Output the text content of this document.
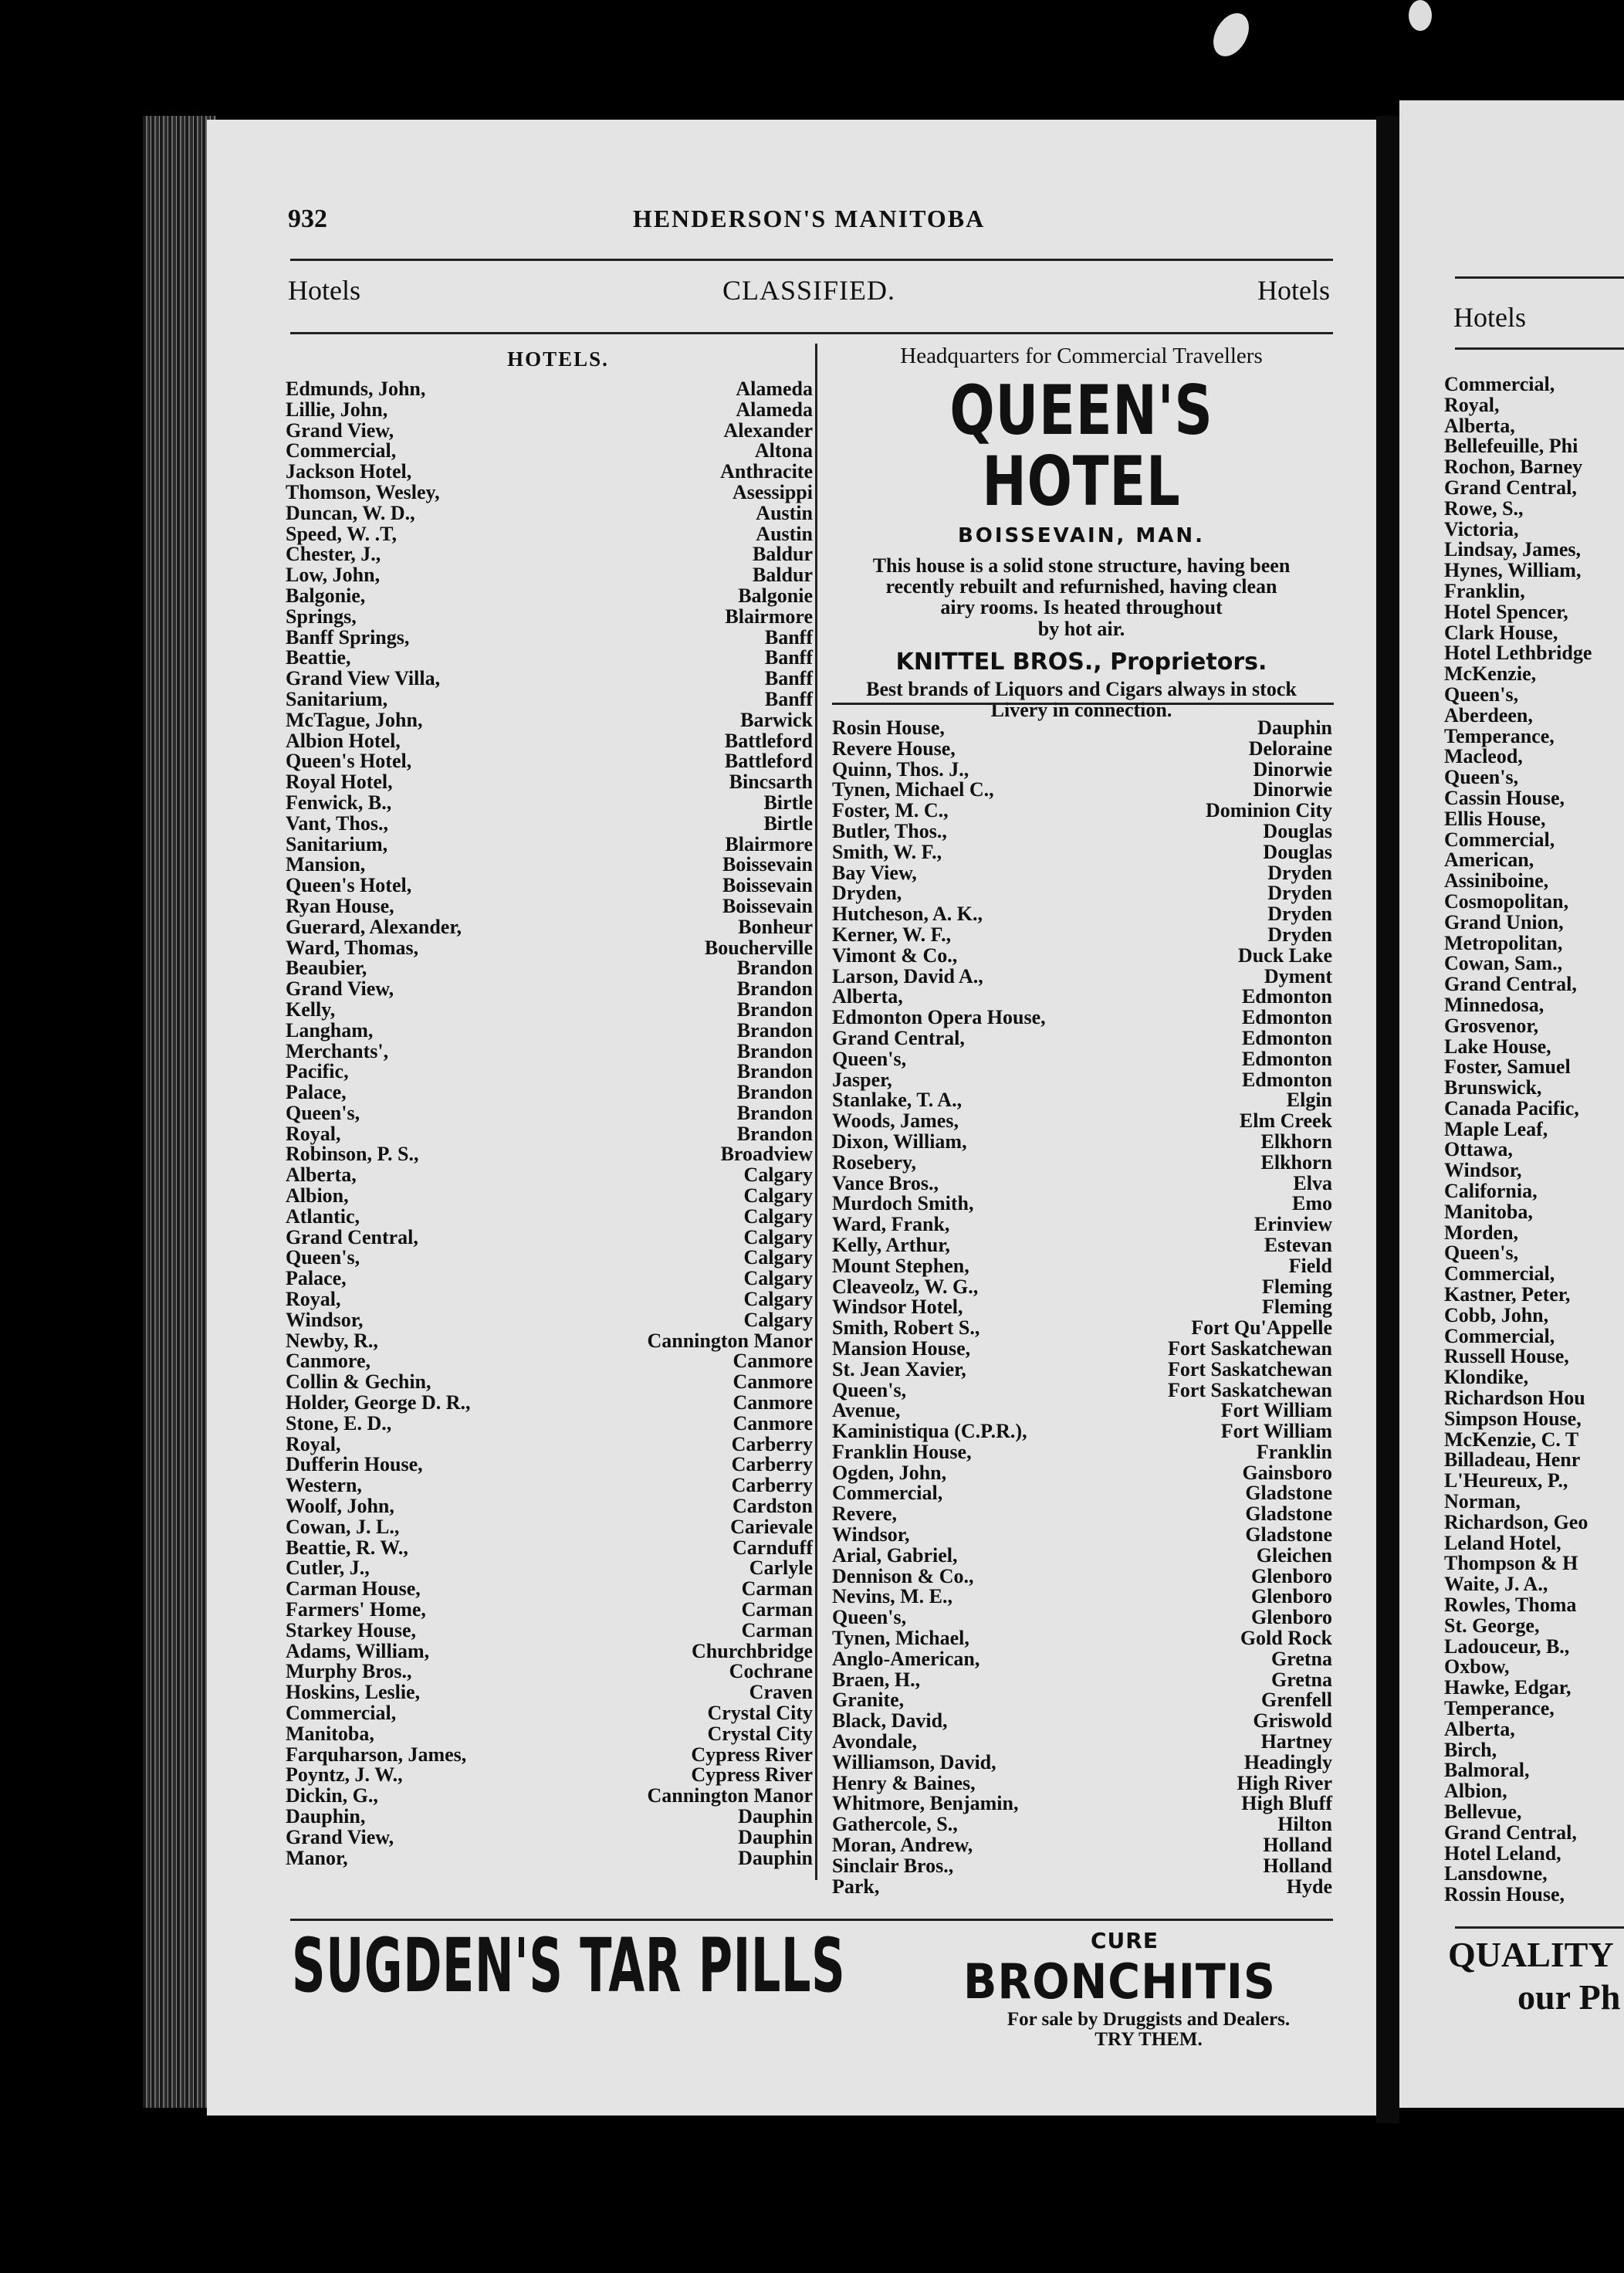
932	HENDERSON'S MANITOBA
Hotels	CLASSIFIED.	Hotels
HOTELS.
Edmunds, John,	Alameda
Lillie, John,	Alameda
Grand View,	Alexander
Commercial,	Altona
Jackson Hotel,	Anthracite
Thomson, Wesley,	Asessippi
Duncan, W. D.,	Austin
Speed, W. .T,	Austin
Chester, J.,	Baldur
Low, John,	Baldur
Balgonie,	Balgonie
Springs,	Blairmore
Banff Springs,	Banff
Beattie,	Banff
Grand View Villa,	Banff
Sanitarium,	Banff
McTague, John,	Barwick
Albion Hotel,	Battleford
Queen's Hotel,	Battleford
Royal Hotel,	Bincsarth
Fenwick, B.,	Birtle
Vant, Thos.,	Birtle
Sanitarium,	Blairmore
Mansion,	Boissevain
Queen's Hotel,	Boissevain
Ryan House,	Boissevain
Guerard, Alexander,	Bonheur
Ward, Thomas,	Boucherville
Beaubier,	Brandon
Grand View,	Brandon
Kelly,	Brandon
Langham,	Brandon
Merchants',	Brandon
Pacific,	Brandon
Palace,	Brandon
Queen's,	Brandon
Royal,	Brandon
Robinson, P. S.,	Broadview
Alberta,	Calgary
Albion,	Calgary
Atlantic,	Calgary
Grand Central,	Calgary
Queen's,	Calgary
Palace,	Calgary
Royal,	Calgary
Windsor,	Calgary
Newby, R.,	Cannington Manor
Canmore,	Canmore
Collin & Gechin,	Canmore
Holder, George D. R.,	Canmore
Stone, E. D.,	Canmore
Royal,	Carberry
Dufferin House,	Carberry
Western,	Carberry
Woolf, John,	Cardston
Cowan, J. L.,	Carievale
Beattie, R. W.,	Carnduff
Cutler, J.,	Carlyle
Carman House,	Carman
Farmers' Home,	Carman
Starkey House,	Carman
Adams, William,	Churchbridge
Murphy Bros.,	Cochrane
Hoskins, Leslie,	Craven
Commercial,	Crystal City
Manitoba,	Crystal City
Farquharson, James,	Cypress River
Poyntz, J. W.,	Cypress River
Dickin, G.,	Cannington Manor
Dauphin,	Dauphin
Grand View,	Dauphin
Manor,	Dauphin
Headquarters for Commercial Travellers
QUEEN'S HOTEL
BOISSEVAIN, MAN.
This house is a solid stone structure, having been
recently rebuilt and refurnished, having clean
airy rooms. Is heated throughout
by hot air.
KNITTEL BROS., Proprietors.
Best brands of Liquors and Cigars always in stock
Livery in connection.
Rosin House,	Dauphin
Revere House,	Deloraine
Quinn, Thos. J.,	Dinorwie
Tynen, Michael C.,	Dinorwie
Foster, M. C.,	Dominion City
Butler, Thos.,	Douglas
Smith, W. F.,	Douglas
Bay View,	Dryden
Dryden,	Dryden
Hutcheson, A. K.,	Dryden
Kerner, W. F.,	Dryden
Vimont & Co.,	Duck Lake
Larson, David A.,	Dyment
Alberta,	Edmonton
Edmonton Opera House,	Edmonton
Grand Central,	Edmonton
Queen's,	Edmonton
Jasper,	Edmonton
Stanlake, T. A.,	Elgin
Woods, James,	Elm Creek
Dixon, William,	Elkhorn
Rosebery,	Elkhorn
Vance Bros.,	Elva
Murdoch Smith,	Emo
Ward, Frank,	Erinview
Kelly, Arthur,	Estevan
Mount Stephen,	Field
Cleaveolz, W. G.,	Fleming
Windsor Hotel,	Fleming
Smith, Robert S.,	Fort Qu'Appelle
Mansion House,	Fort Saskatchewan
St. Jean Xavier,	Fort Saskatchewan
Queen's,	Fort Saskatchewan
Avenue,	Fort William
Kaministiqua (C.P.R.),	Fort William
Franklin House,	Franklin
Ogden, John,	Gainsboro
Commercial,	Gladstone
Revere,	Gladstone
Windsor,	Gladstone
Arial, Gabriel,	Gleichen
Dennison & Co.,	Glenboro
Nevins, M. E.,	Glenboro
Queen's,	Glenboro
Tynen, Michael,	Gold Rock
Anglo-American,	Gretna
Braen, H.,	Gretna
Granite,	Grenfell
Black, David,	Griswold
Avondale,	Hartney
Williamson, David,	Headingly
Henry & Baines,	High River
Whitmore, Benjamin,	High Bluff
Gathercole, S.,	Hilton
Moran, Andrew,	Holland
Sinclair Bros.,	Holland
Park,	Hyde
SUGDEN'S TAR PILLS	CURE
BRONCHITIS
For sale by Druggists and Dealers.
TRY THEM.
Hotels
Commercial,
Royal,
Alberta,
Bellefeuille, Phi
Rochon, Barney
Grand Central,
Rowe, S.,
Victoria,
Lindsay, James,
Hynes, William,
Franklin,
Hotel Spencer,
Clark House,
Hotel Lethbridge
McKenzie,
Queen's,
Aberdeen,
Temperance,
Macleod,
Queen's,
Cassin House,
Ellis House,
Commercial,
American,
Assiniboine,
Cosmopolitan,
Grand Union,
Metropolitan,
Cowan, Sam.,
Grand Central,
Minnedosa,
Grosvenor,
Lake House,
Foster, Samuel
Brunswick,
Canada Pacific,
Maple Leaf,
Ottawa,
Windsor,
California,
Manitoba,
Morden,
Queen's,
Commercial,
Kastner, Peter,
Cobb, John,
Commercial,
Russell House,
Klondike,
Richardson Hou
Simpson House,
McKenzie, C. T
Billadeau, Henr
L'Heureux, P.,
Norman,
Richardson, Geo
Leland Hotel,
Thompson & H
Waite, J. A.,
Rowles, Thoma
St. George,
Ladouceur, B.,
Oxbow,
Hawke, Edgar,
Temperance,
Alberta,
Birch,
Balmoral,
Albion,
Bellevue,
Grand Central,
Hotel Leland,
Lansdowne,
Rossin House,
QUALITY
our Ph
